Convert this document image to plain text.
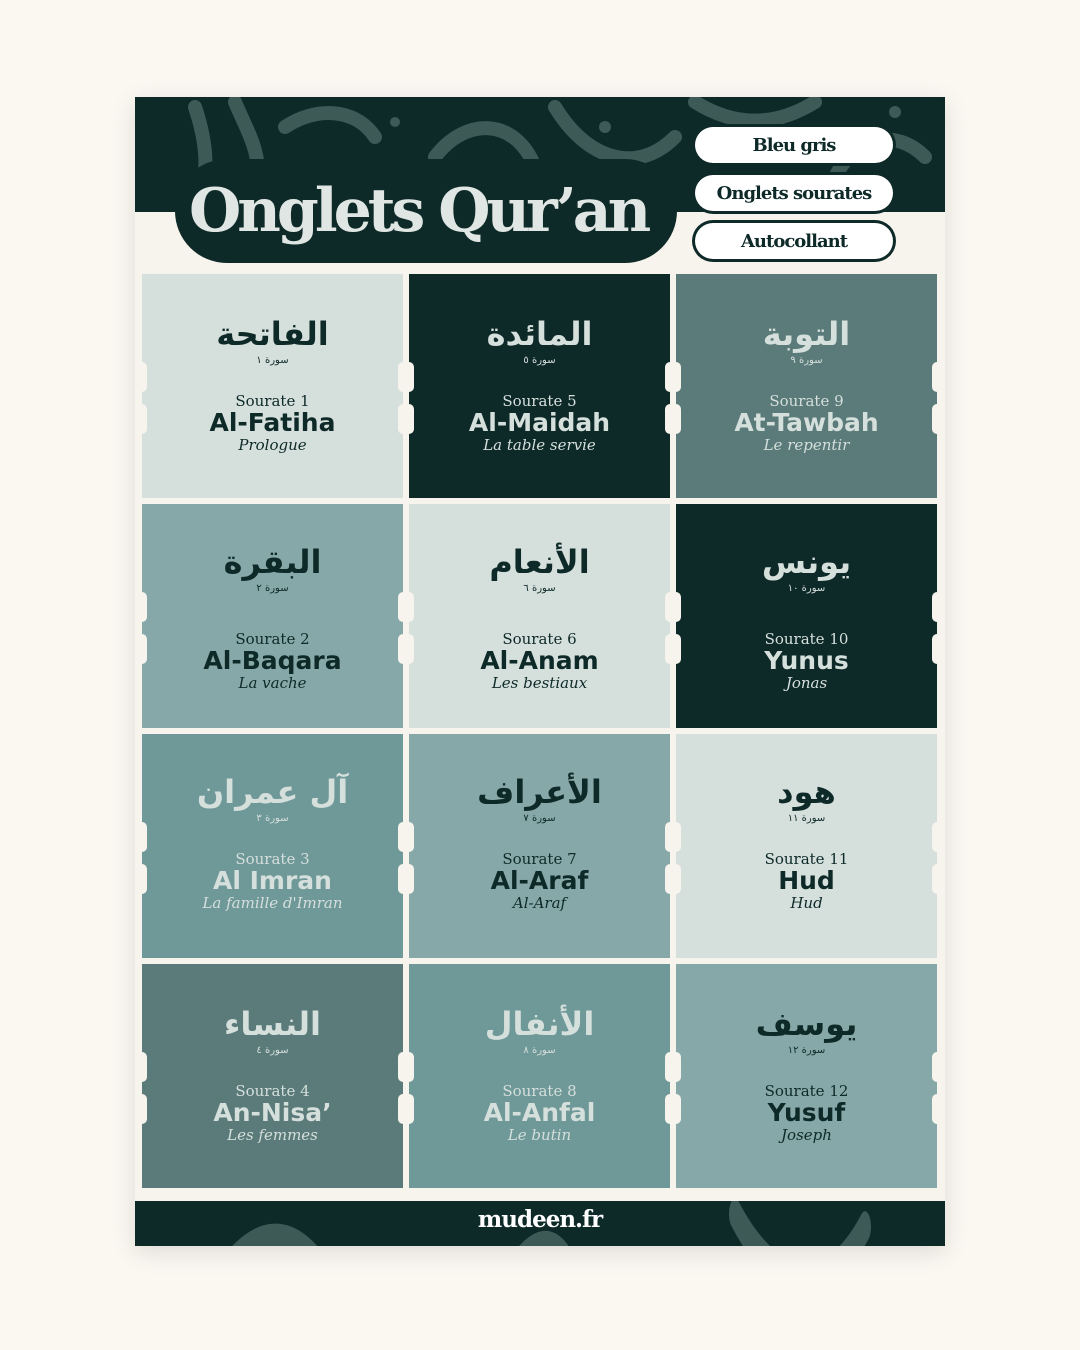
Onglets Qur’an
Bleu gris
Onglets sourates
Autocollant
الفاتحة
سورة ١
Sourate 1
Al-Fatiha
Prologue
المائدة
سورة ٥
Sourate 5
Al-Maidah
La table servie
التوبة
سورة ٩
Sourate 9
At-Tawbah
Le repentir
البقرة
سورة ٢
Sourate 2
Al-Baqara
La vache
الأنعام
سورة ٦
Sourate 6
Al-Anam
Les bestiaux
يونس
سورة ١٠
Sourate 10
Yunus
Jonas
آل عمران
سورة ٣
Sourate 3
Al Imran
La famille d'Imran
الأعراف
سورة ٧
Sourate 7
Al-Araf
Al-Araf
هود
سورة ١١
Sourate 11
Hud
Hud
النساء
سورة ٤
Sourate 4
An-Nisa’
Les femmes
الأنفال
سورة ٨
Sourate 8
Al-Anfal
Le butin
يوسف
سورة ١٢
Sourate 12
Yusuf
Joseph
mudeen.fr
